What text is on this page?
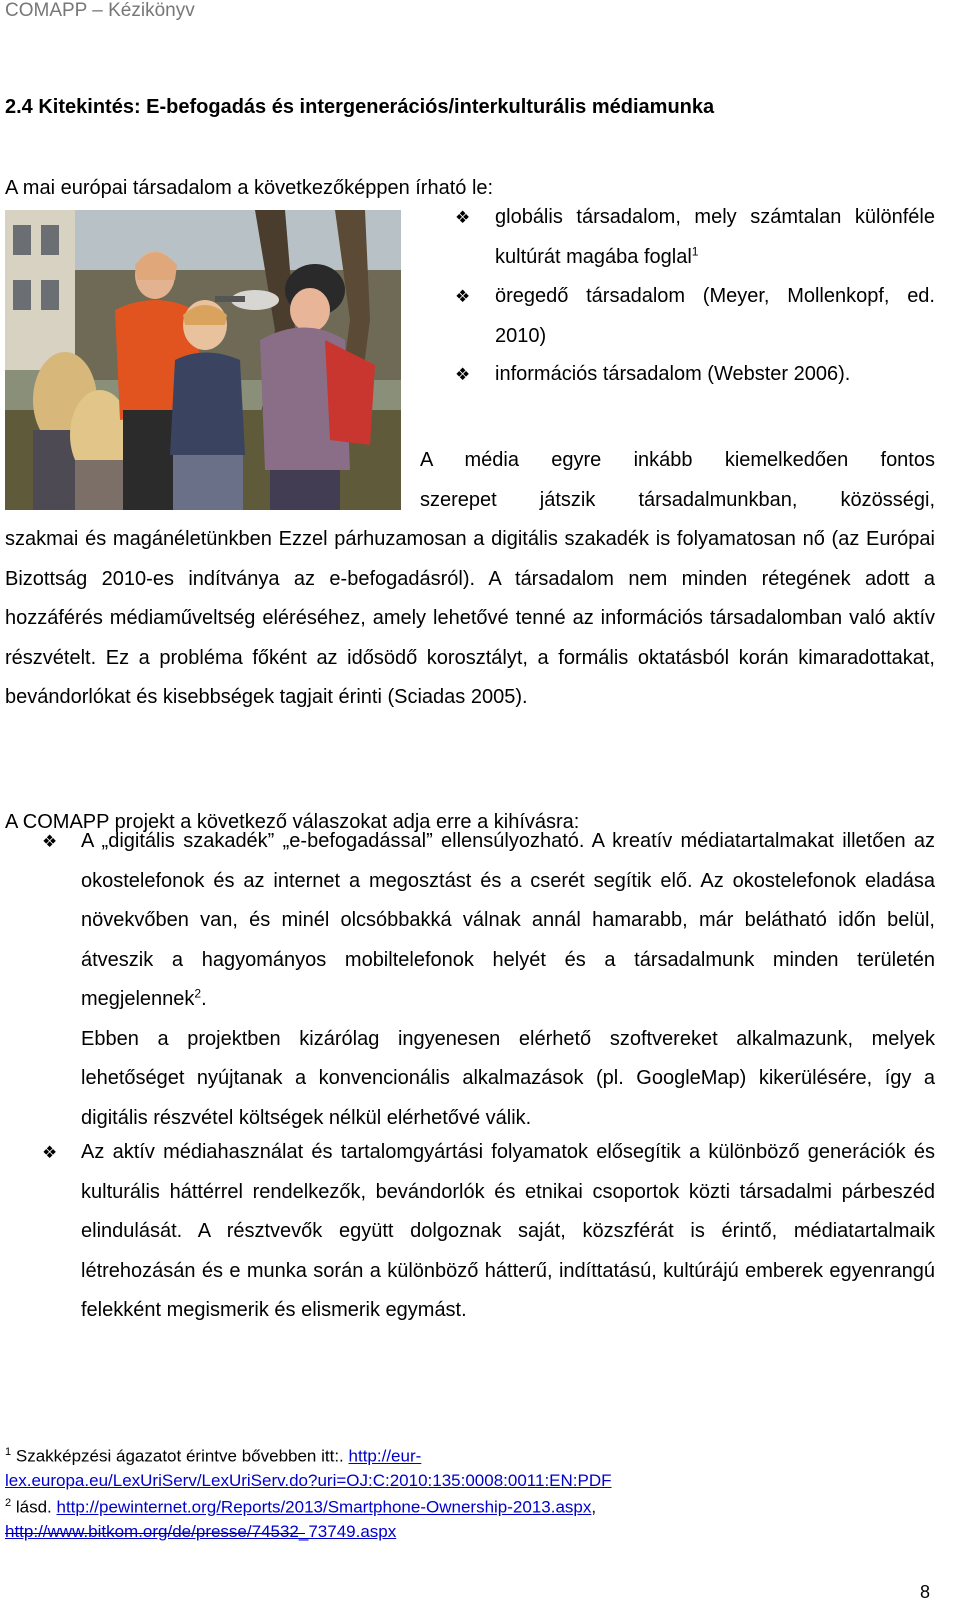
COMAPP – Kézikönyv
2.4 Kitekintés: E-befogadás és intergenerációs/interkulturális médiamunka

A mai európai társadalom a következőképpen írható le:

❖ globális társadalom, mely számtalan különféle kultúrát magába foglal$^1$
❖ öregedő társadalom (Meyer, Mollenkopf, ed. 2010)
❖ információs társadalom (Webster 2006).
A média egyre inkább kiemelkedően fontos
szerepet játszik társadalmunkban, közösségi,
szakmai és magánéletünkben Ezzel párhuzamosan a digitális szakadék is folyamatosan nő (az Európai Bizottság 2010-es indítványa az e-befogadásról). A társadalom nem minden rétegének adott a hozzáférés médiaműveltség eléréséhez, amely lehetővé tenné az információs társadalomban való aktív részvételt. Ez a probléma főként az idősödő korosztályt, a formális oktatásból korán kimaradottakat, bevándorlókat és kisebbségek tagjait érinti (Sciadas 2005).

A COMAPP projekt a következő válaszokat adja erre a kihívásra:

❖ A „digitális szakadék” „e-befogadással” ellensúlyozható. A kreatív médiatartalmakat illetően az okostelefonok és az internet a megosztást és a cserét segítik elő. Az okostelefonok eladása növekvőben van, és minél olcsóbbakká válnak annál hamarabb, már belátható időn belül, átveszik a hagyományos mobiltelefonok helyét és a társadalmunk minden területén megjelennek$^2$.
Ebben a projektben kizárólag ingyenesen elérhető szoftvereket alkalmazunk, melyek lehetőséget nyújtanak a konvencionális alkalmazások (pl. GoogleMap) kikerülésére, így a digitális részvétel költségek nélkül elérhetővé válik.
❖ Az aktív médiahasználat és tartalomgyártási folyamatok elősegítik a különböző generációk és kulturális háttérrel rendelkezők, bevándorlók és etnikai csoportok közti társadalmi párbeszéd elindulását. A résztvevők együtt dolgoznak saját, közszférát is érintő, médiatartalmaik létrehozásán és e munka során a különböző hátterű, indíttatású, kultúrájú emberek egyenrangú felekként megismerik és elismerik egymást.
$^1$ Szakképzési ágazatot érintve bővebben itt:. http://eur-
lex.europa.eu/LexUriServ/LexUriServ.do?uri=OJ:C:2010:135:0008:0011:EN:PDF
$^2$ lásd. http://pewinternet.org/Reports/2013/Smartphone-Ownership-2013.aspx,
http://www.bitkom.org/de/presse/74532_73749.aspx
8
